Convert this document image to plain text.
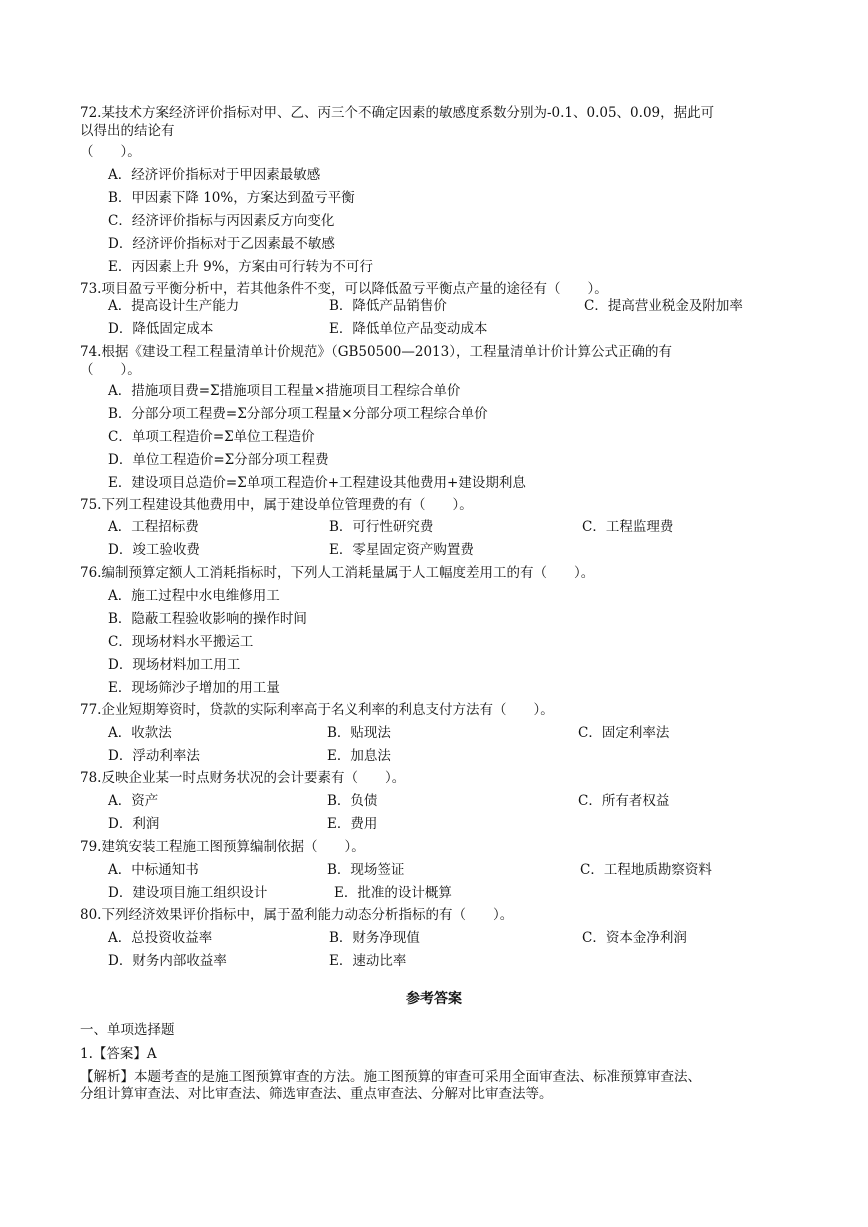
72.某技术方案经济评价指标对甲、乙、丙三个不确定因素的敏感度系数分别为-0.1、0.05、0.09，据此可
以得出的结论有
（　　）。
A．经济评价指标对于甲因素最敏感
B．甲因素下降 10%，方案达到盈亏平衡
C．经济评价指标与丙因素反方向变化
D．经济评价指标对于乙因素最不敏感
E．丙因素上升 9%，方案由可行转为不可行
73.项目盈亏平衡分析中，若其他条件不变，可以降低盈亏平衡点产量的途径有（　　）。
A．提高设计生产能力	B．降低产品销售价	C．提高营业税金及附加率
D．降低固定成本	E．降低单位产品变动成本
74.根据《建设工程工程量清单计价规范》（GB50500—2013），工程量清单计价计算公式正确的有
（　　）。
A．措施项目费=Σ措施项目工程量×措施项目工程综合单价
B．分部分项工程费=Σ分部分项工程量×分部分项工程综合单价
C．单项工程造价=Σ单位工程造价
D．单位工程造价=Σ分部分项工程费
E．建设项目总造价=Σ单项工程造价+工程建设其他费用+建设期利息
75.下列工程建设其他费用中，属于建设单位管理费的有（　　）。
A．工程招标费	B．可行性研究费	C．工程监理费
D．竣工验收费	E．零星固定资产购置费
76.编制预算定额人工消耗指标时，下列人工消耗量属于人工幅度差用工的有（　　）。
A．施工过程中水电维修用工
B．隐蔽工程验收影响的操作时间
C．现场材料水平搬运工
D．现场材料加工用工
E．现场筛沙子增加的用工量
77.企业短期筹资时，贷款的实际利率高于名义利率的利息支付方法有（　　）。
A．收款法	B．贴现法	C．固定利率法
D．浮动利率法	E．加息法
78.反映企业某一时点财务状况的会计要素有（　　）。
A．资产	B．负债	C．所有者权益
D．利润	E．费用
79.建筑安装工程施工图预算编制依据（　　）。
A．中标通知书	B．现场签证	C．工程地质勘察资料
D．建设项目施工组织设计	E．批准的设计概算
80.下列经济效果评价指标中，属于盈利能力动态分析指标的有（　　）。
A．总投资收益率	B．财务净现值	C．资本金净利润
D．财务内部收益率	E．速动比率
参考答案
一、单项选择题
1.【答案】A
【解析】本题考查的是施工图预算审查的方法。施工图预算的审查可采用全面审查法、标准预算审查法、
分组计算审查法、对比审查法、筛选审查法、重点审查法、分解对比审查法等。
